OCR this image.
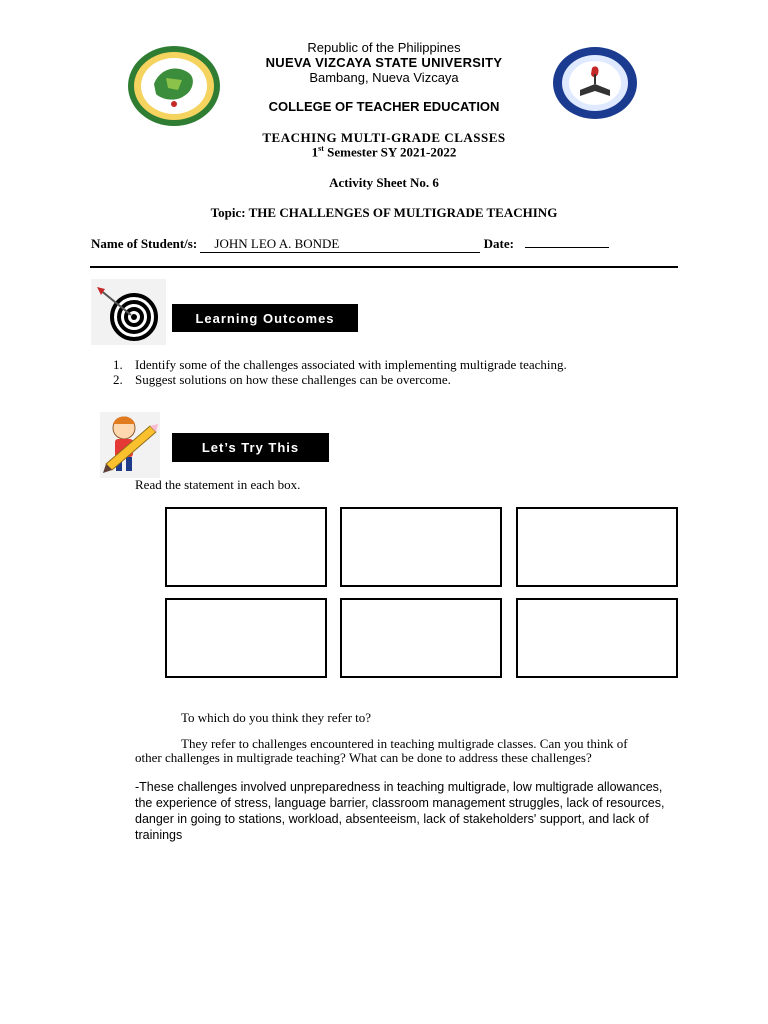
Republic of the Philippines
NUEVA VIZCAYA STATE UNIVERSITY
Bambang, Nueva Vizcaya
COLLEGE OF TEACHER EDUCATION
TEACHING MULTI-GRADE CLASSES
1st Semester SY 2021-2022
Activity Sheet No. 6
Topic: THE CHALLENGES OF MULTIGRADE TEACHING
Name of Student/s: JOHN LEO A. BONDE	Date:
Learning Outcomes
1. Identify some of the challenges associated with implementing multigrade teaching.
2. Suggest solutions on how these challenges can be overcome.
Let’s Try This
Read the statement in each box.
To which do you think they refer to?
They refer to challenges encountered in teaching multigrade classes. Can you think of other challenges in multigrade teaching? What can be done to address these challenges?
-These challenges involved unpreparedness in teaching multigrade, low multigrade allowances, the experience of stress, language barrier, classroom management struggles, lack of resources, danger in going to stations, workload, absenteeism, lack of stakeholders' support, and lack of trainings
